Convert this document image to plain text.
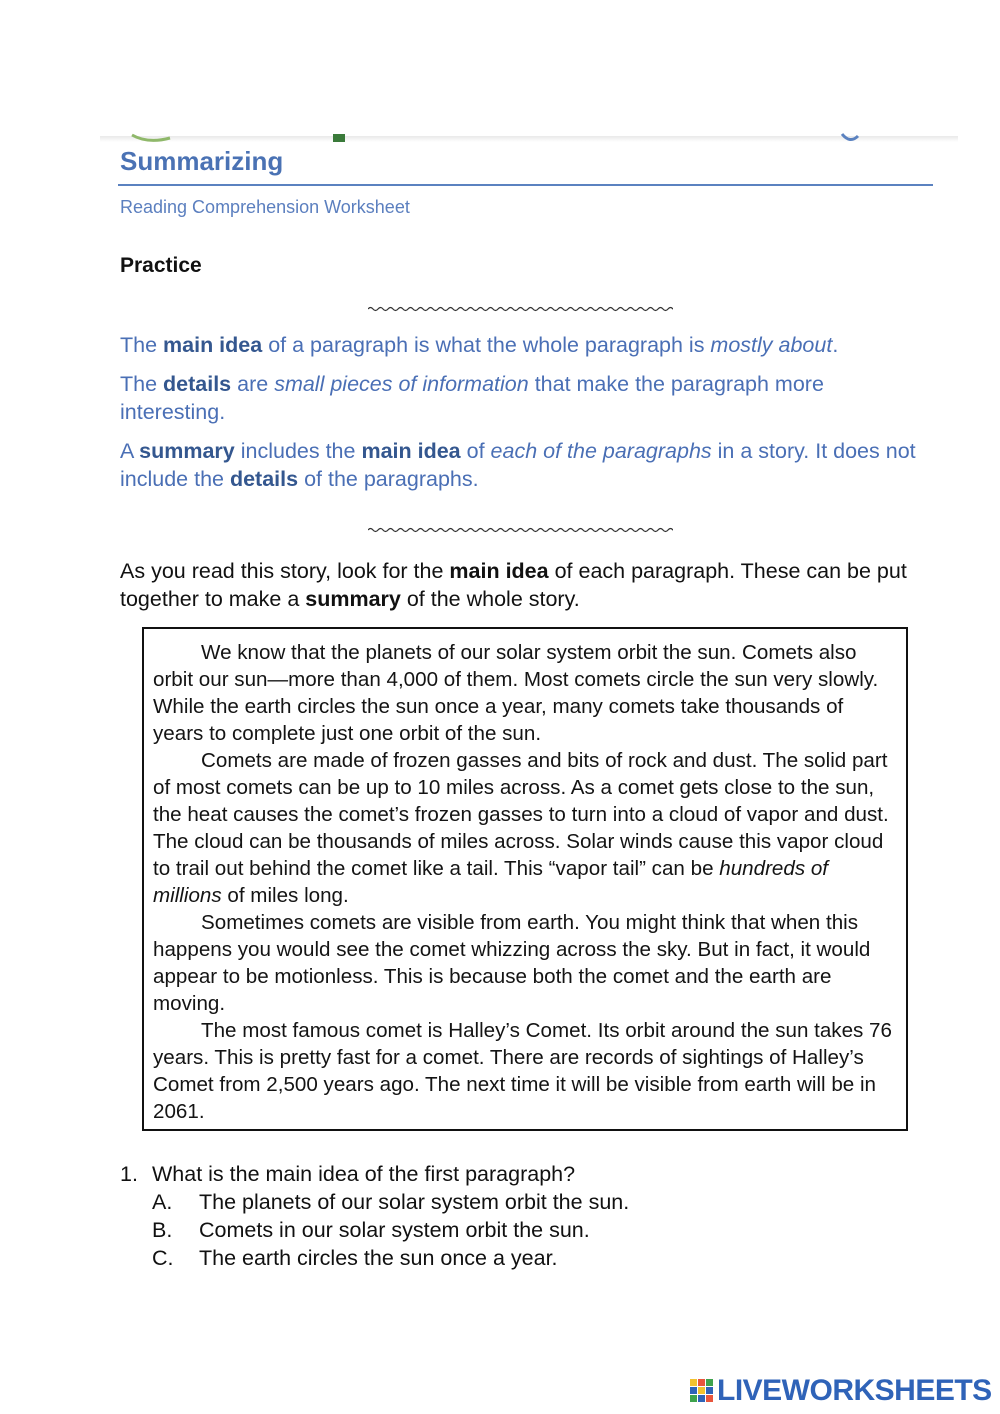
Summarizing
Reading Comprehension Worksheet
Practice

The main idea of a paragraph is what the whole paragraph is mostly about.

The details are small pieces of information that make the paragraph more interesting.

A summary includes the main idea of each of the paragraphs in a story. It does not include the details of the paragraphs.

As you read this story, look for the main idea of each paragraph. These can be put together to make a summary of the whole story.

We know that the planets of our solar system orbit the sun. Comets also orbit our sun—more than 4,000 of them. Most comets circle the sun very slowly. While the earth circles the sun once a year, many comets take thousands of years to complete just one orbit of the sun.

Comets are made of frozen gasses and bits of rock and dust. The solid part of most comets can be up to 10 miles across. As a comet gets close to the sun, the heat causes the comet’s frozen gasses to turn into a cloud of vapor and dust. The cloud can be thousands of miles across. Solar winds cause this vapor cloud to trail out behind the comet like a tail. This “vapor tail” can be hundreds of millions of miles long.

Sometimes comets are visible from earth. You might think that when this happens you would see the comet whizzing across the sky. But in fact, it would appear to be motionless. This is because both the comet and the earth are moving.

The most famous comet is Halley’s Comet. Its orbit around the sun takes 76 years. This is pretty fast for a comet. There are records of sightings of Halley’s Comet from 2,500 years ago. The next time it will be visible from earth will be in 2061.

1. What is the main idea of the first paragraph?
A.	The planets of our solar system orbit the sun.
B.	Comets in our solar system orbit the sun.
C.	The earth circles the sun once a year.
LIVEWORKSHEETS
